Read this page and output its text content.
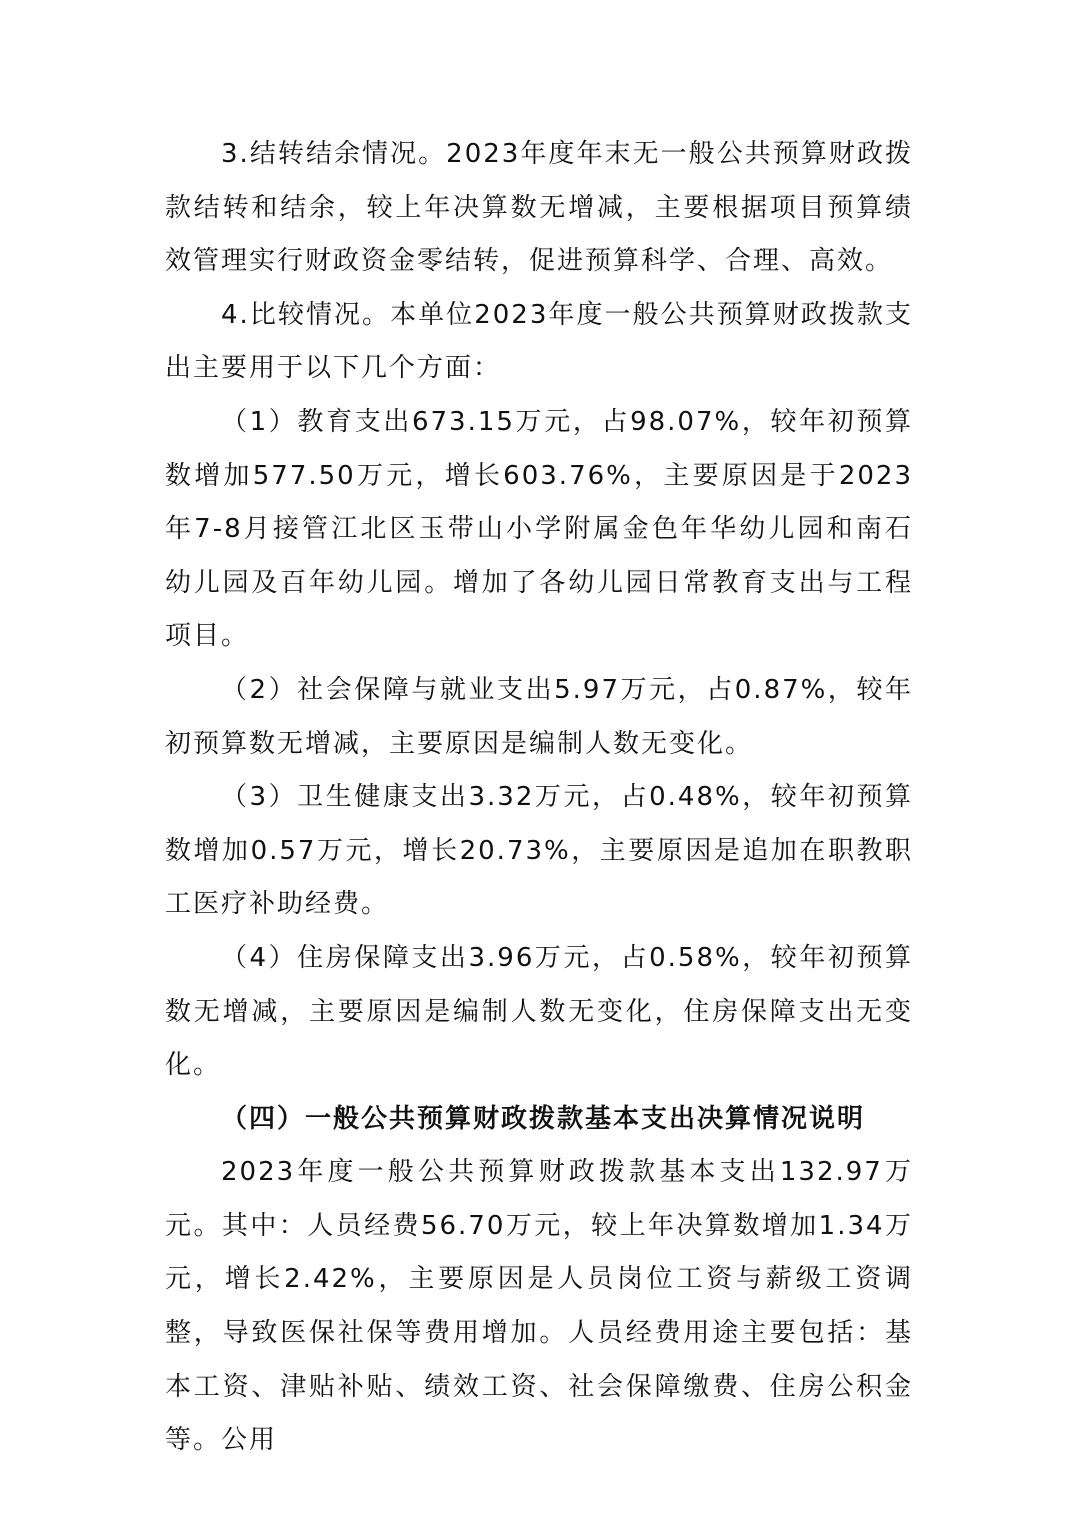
3.结转结余情况。2023年度年末无一般公共预算财政拨款结转和结余，较上年决算数无增减，主要根据项目预算绩效管理实行财政资金零结转，促进预算科学、合理、高效。

4.比较情况。本单位2023年度一般公共预算财政拨款支出主要用于以下几个方面：

（1）教育支出673.15万元，占98.07%，较年初预算数增加577.50万元，增长603.76%，主要原因是于2023年7-8月接管江北区玉带山小学附属金色年华幼儿园和南石幼儿园及百年幼儿园。增加了各幼儿园日常教育支出与工程项目。

（2）社会保障与就业支出5.97万元，占0.87%，较年初预算数无增减，主要原因是编制人数无变化。

（3）卫生健康支出3.32万元，占0.48%，较年初预算数增加0.57万元，增长20.73%，主要原因是追加在职教职工医疗补助经费。

（4）住房保障支出3.96万元，占0.58%，较年初预算数无增减，主要原因是编制人数无变化，住房保障支出无变化。

（四）一般公共预算财政拨款基本支出决算情况说明

2023年度一般公共预算财政拨款基本支出132.97万元。其中：人员经费56.70万元，较上年决算数增加1.34万元，增长2.42%，主要原因是人员岗位工资与薪级工资调整，导致医保社保等费用增加。人员经费用途主要包括：基本工资、津贴补贴、绩效工资、社会保障缴费、住房公积金等。公用
